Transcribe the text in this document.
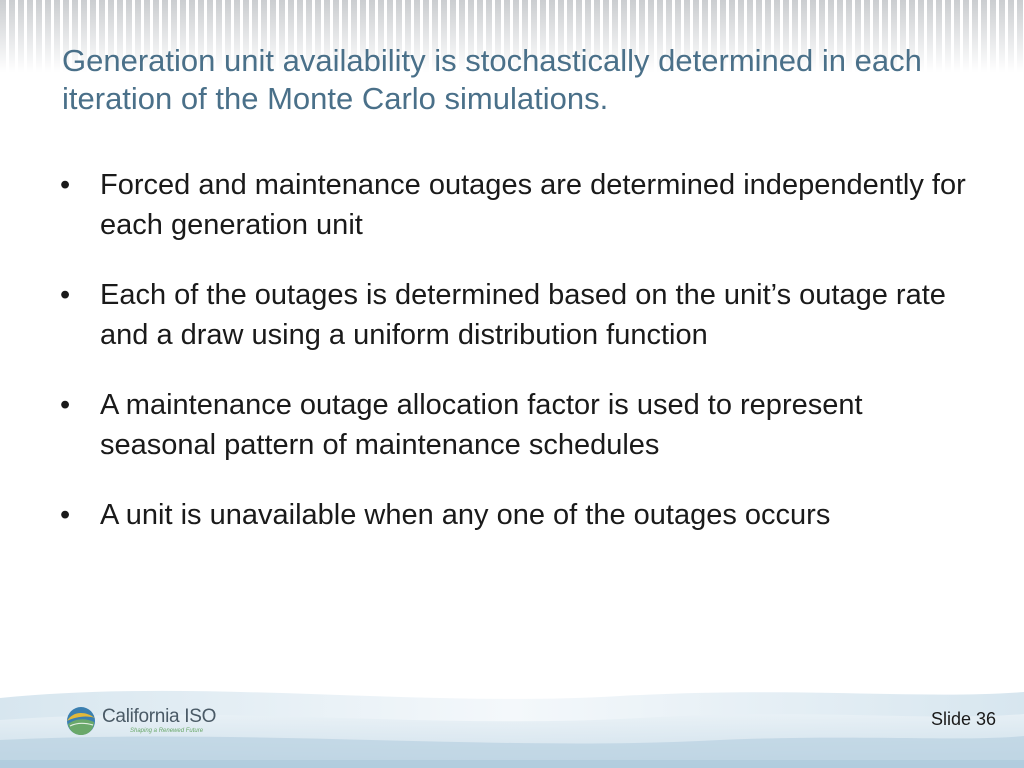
Generation unit availability is stochastically determined in each iteration of the Monte Carlo simulations.
•	Forced and maintenance outages are determined independently for each generation unit
•	Each of the outages is determined based on the unit’s outage rate and a draw using a uniform distribution function
•	A maintenance outage allocation factor is used to represent seasonal pattern of maintenance schedules
•	A unit is unavailable when any one of the outages occurs
California ISO
Shaping a Renewed Future
Slide 36
